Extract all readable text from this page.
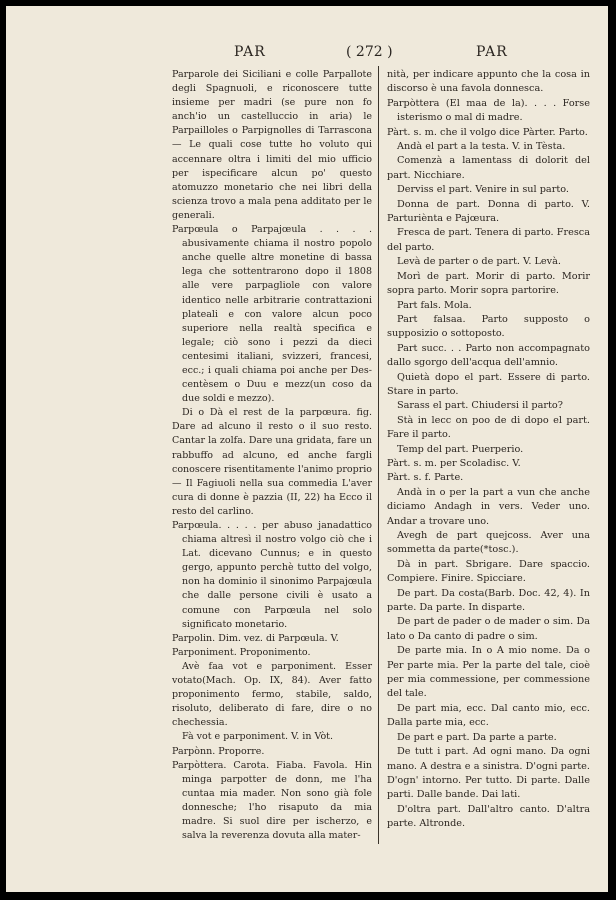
PAR	( 272 )	PAR

Parparole dei Siciliani e colle Parpallote degli Spagnuoli, e riconoscere tutte insieme per madri (se pure non fo anch'io un castelluccio in aria) le Parpailloles o Parpignolles di Tarrascona — Le quali cose tutte ho voluto qui accennare oltra i limiti del mio ufficio per ispecificare alcun po' questo atomuzzo monetario che nei libri della scienza trovo a mala pena additato per le generali.

Parpœula o Parpajœula . . . . abusivamente chiama il nostro popolo anche quelle altre monetine di bassa lega che sottentrarono dopo il 1808 alle vere parpagliole con valore identico nelle arbitrarie contrattazioni plateali e con valore alcun poco superiore nella realtà specifica e legale; ciò sono i pezzi da dieci centesimi italiani, svizzeri, francesi, ecc.; i quali chiama poi anche per Des-centèsem o Duu e mezz(un coso da due soldi e mezzo).

Di o Dà el rest de la parpœura. fig. Dare ad alcuno il resto o il suo resto. Cantar la zolfa. Dare una gridata, fare un rabbuffo ad alcuno, ed anche fargli conoscere risentitamente l'animo proprio — Il Fagiuoli nella sua commedia L'aver cura di donne è pazzia (II, 22) ha Ecco il resto del carlino.

Parpœula. . . . . per abuso janadattico chiama altresì il nostro volgo ciò che i Lat. dicevano Cunnus; e in questo gergo, appunto perchè tutto del volgo, non ha dominio il sinonimo Parpajœula che dalle persone civili è usato a comune con Parpœula nel solo significato monetario.

Parpolin. Dim. vez. di Parpœula. V.

Parponiment. Proponimento.

Avè faa vot e parponiment. Esser votato(Mach. Op. IX, 84). Aver fatto proponimento fermo, stabile, saldo, risoluto, deliberato di fare, dire o no chechessia.

Fà vot e parponiment. V. in Vòt.

Parpònn. Proporre.

Parpòttera. Carota. Fiaba. Favola. Hin minga parpotter de donn, me l'ha cuntaa mia mader. Non sono già fole donnesche; l'ho risaputo da mia madre. Si suol dire per ischerzo, e salva la reverenza dovuta alla mater-

nità, per indicare appunto che la cosa in discorso è una favola donnesca.

Parpòttera (El maa de la). . . . Forse isterismo o mal di madre.

Pàrt. s. m. che il volgo dice Pàrter. Parto.

Andà el part a la testa. V. in Tèsta.

Comenzà a lamentass di dolorit del part. Nicchiare.

Derviss el part. Venire in sul parto.

Donna de part. Donna di parto. V. Parturiènta e Pajœura.

Fresca de part. Tenera di parto. Fresca del parto.

Levà de parter o de part. V. Levà.

Morì de part. Morir di parto. Morir sopra parto. Morir sopra partorire.

Part fals. Mola.

Part falsaa. Parto supposto o supposizio o sottoposto.

Part succ. . . Parto non accompagnato dallo sgorgo dell'acqua dell'amnio.

Quietà dopo el part. Essere di parto. Stare in parto.

Sarass el part. Chiudersi il parto?

Stà in lecc on poo de di dopo el part. Fare il parto.

Temp del part. Puerperio.

Pàrt. s. m. per Scoladisc. V.

Pàrt. s. f. Parte.

Andà in o per la part a vun che anche diciamo Andagh in vers. Veder uno. Andar a trovare uno.

Avegh de part quejcoss. Aver una sommetta da parte(*tosc.).

Dà in part. Sbrigare. Dare spaccio. Compiere. Finire. Spicciare.

De part. Da costa(Barb. Doc. 42, 4). In parte. Da parte. In disparte.

De part de pader o de mader o sim. Da lato o Da canto di padre o sim.

De parte mia. In o A mio nome. Da o Per parte mia. Per la parte del tale, cioè per mia commessione, per commessione del tale.

De part mia, ecc. Dal canto mio, ecc. Dalla parte mia, ecc.

De part e part. Da parte a parte.

De tutt i part. Ad ogni mano. Da ogni mano. A destra e a sinistra. D'ogni parte. D'ogn' intorno. Per tutto. Di parte. Dalle parti. Dalle bande. Dai lati.

D'oltra part. Dall'altro canto. D'altra parte. Altronde.
